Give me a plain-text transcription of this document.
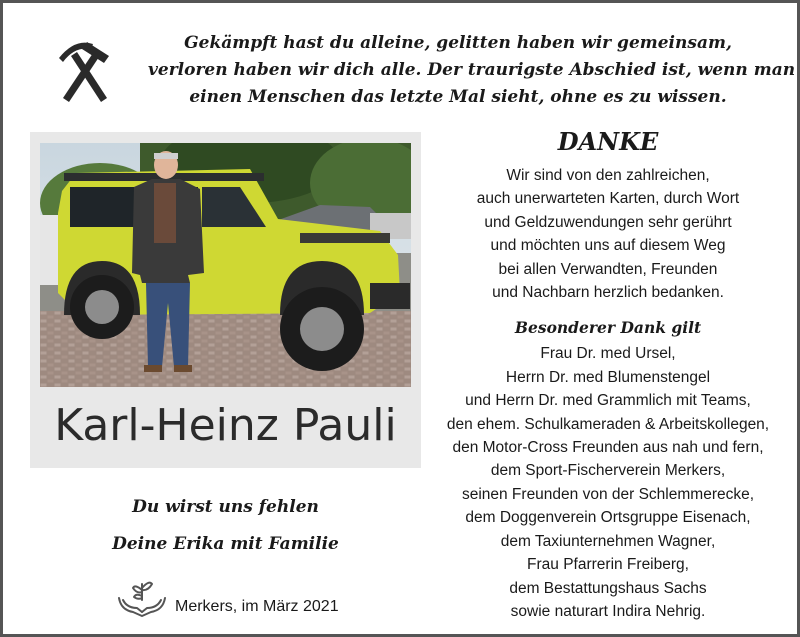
Gekämpft hast du alleine, gelitten haben wir gemeinsam,
verloren haben wir dich alle. Der traurigste Abschied ist, wenn man
einen Menschen das letzte Mal sieht, ohne es zu wissen.
Karl-Heinz Pauli
Du wirst uns fehlen
Deine Erika mit Familie
Merkers, im März 2021
DANKE
Wir sind von den zahlreichen,
auch unerwarteten Karten, durch Wort
und Geldzuwendungen sehr gerührt
und möchten uns auf diesem Weg
bei allen Verwandten, Freunden
und Nachbarn herzlich bedanken.
Besonderer Dank gilt
Frau Dr. med Ursel,
Herrn Dr. med Blumenstengel
und Herrn Dr. med Grammlich mit Teams,
den ehem. Schulkameraden & Arbeitskollegen,
den Motor-Cross Freunden aus nah und fern,
dem Sport-Fischerverein Merkers,
seinen Freunden von der Schlemmerecke,
dem Doggenverein Ortsgruppe Eisenach,
dem Taxiunternehmen Wagner,
Frau Pfarrerin Freiberg,
dem Bestattungshaus Sachs
sowie naturart Indira Nehrig.
